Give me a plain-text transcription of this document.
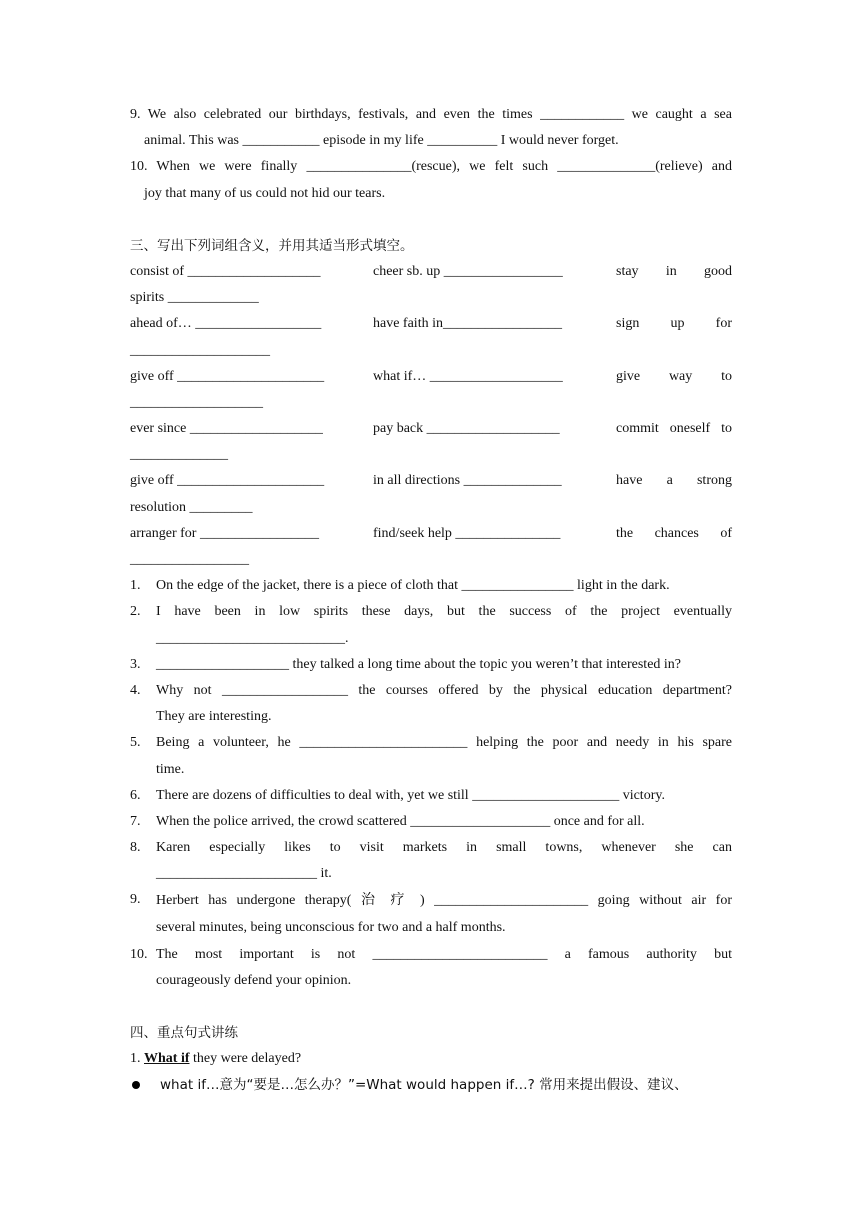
9. We also celebrated our birthdays, festivals, and even the times ____________ we caught a sea
animal. This was ___________ episode in my life __________ I would never forget.
10. When we were finally _______________(rescue), we felt such ______________(relieve) and
joy that many of us could not hid our tears.
三、写出下列词组含义，并用其适当形式填空。
consist of ___________________	cheer sb. up _________________	stay in good
spirits _____________
ahead of… __________________	have faith in_________________	sign up for
____________________
give off _____________________	what if… ___________________	give way to
___________________
ever since ___________________	pay back ___________________	commit oneself to
______________
give off _____________________	in all directions ______________	have a strong
resolution _________
arranger for _________________	find/seek help _______________	the chances of
_________________
1.	On the edge of the jacket, there is a piece of cloth that ________________ light in the dark.
2.	I have been in low spirits these days, but the success of the project eventually
___________________________.
3.	___________________ they talked a long time about the topic you weren’t that interested in?
4.	Why not __________________ the courses offered by the physical education department?
They are interesting.
5.	Being a volunteer, he ________________________ helping the poor and needy in his spare
time.
6.	There are dozens of difficulties to deal with, yet we still _____________________ victory.
7.	When the police arrived, the crowd scattered ____________________ once and for all.
8.	Karen especially likes to visit markets in small towns, whenever she can
_______________________ it.
9.	Herbert has undergone therapy( 治 疗 ) ______________________ going without air for
several minutes, being unconscious for two and a half months.
10. The most important is not _________________________ a famous authority but
courageously defend your opinion.
四、重点句式讲练
1. What if they were delayed?
what if…意为“要是…怎么办？”=What would happen if…? 常用来提出假设、建议、
